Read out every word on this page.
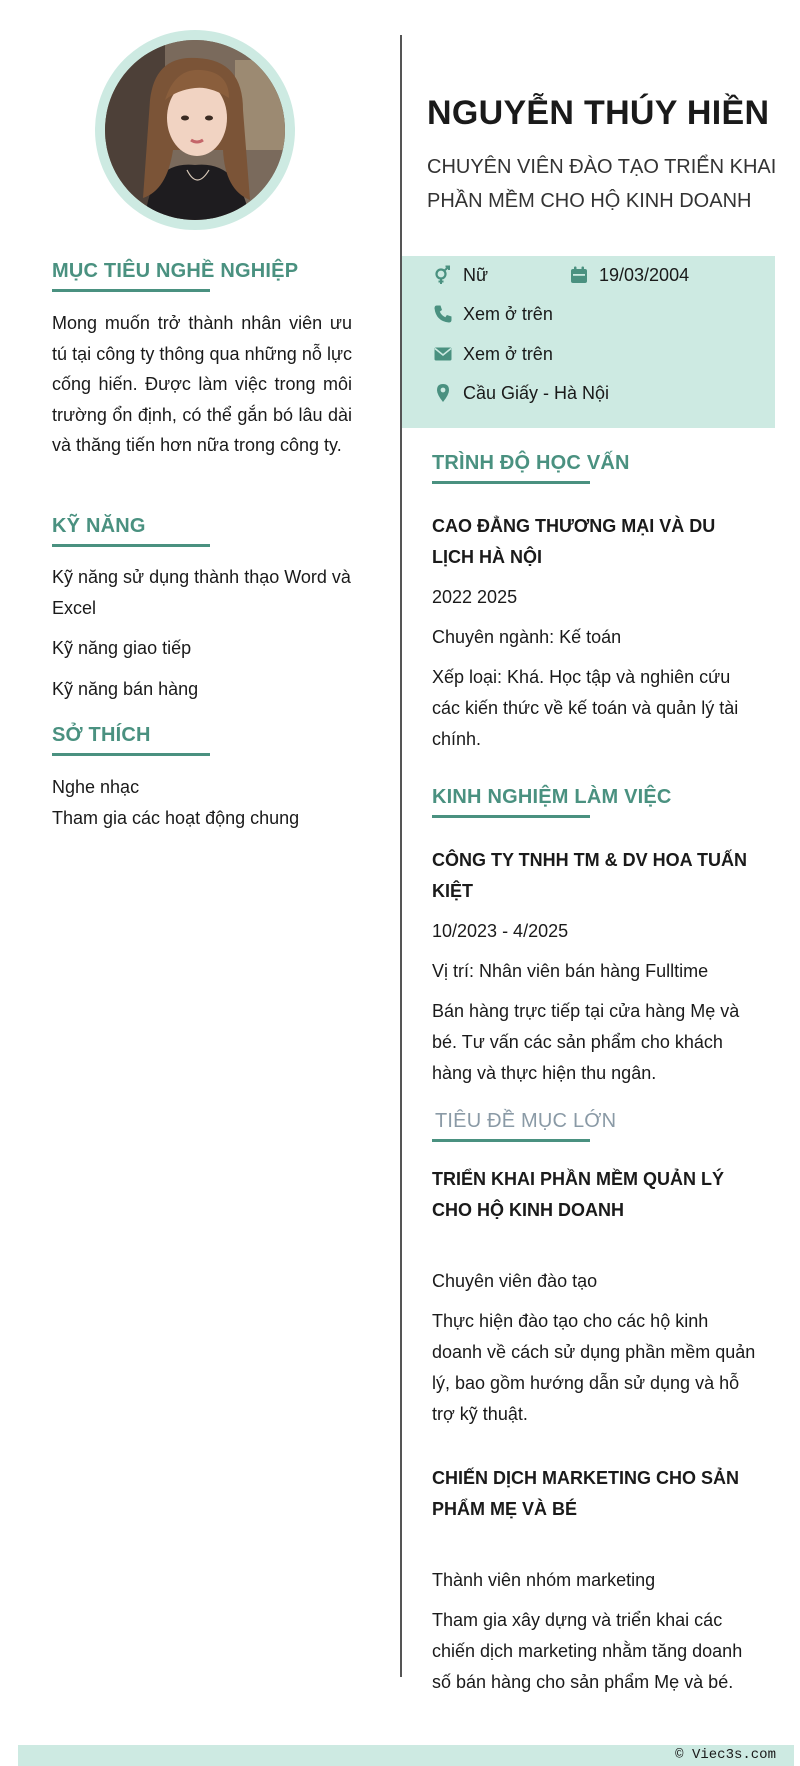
MỤC TIÊU NGHỀ NGHIỆP
Mong muốn trở thành nhân viên ưu tú tại công ty thông qua những nỗ lực cống hiến. Được làm việc trong môi trường ổn định, có thể gắn bó lâu dài và thăng tiến hơn nữa trong công ty.
KỸ NĂNG
Kỹ năng sử dụng thành thạo Word và Excel
Kỹ năng giao tiếp
Kỹ năng bán hàng
SỞ THÍCH
Nghe nhạc
Tham gia các hoạt động chung
NGUYỄN THÚY HIỀN
CHUYÊN VIÊN ĐÀO TẠO TRIỂN KHAI PHẦN MỀM CHO HỘ KINH DOANH
Nữ	19/03/2004
Xem ở trên
Xem ở trên
Cầu Giấy - Hà Nội
TRÌNH ĐỘ HỌC VẤN

CAO ĐẲNG THƯƠNG MẠI VÀ DU LỊCH HÀ NỘI

2022 2025

Chuyên ngành: Kế toán

Xếp loại: Khá. Học tập và nghiên cứu các kiến thức về kế toán và quản lý tài chính.

KINH NGHIỆM LÀM VIỆC

CÔNG TY TNHH TM & DV HOA TUẤN KIỆT

10/2023 - 4/2025

Vị trí: Nhân viên bán hàng Fulltime

Bán hàng trực tiếp tại cửa hàng Mẹ và bé. Tư vấn các sản phẩm cho khách hàng và thực hiện thu ngân.

TIÊU ĐỀ MỤC LỚN

TRIỂN KHAI PHẦN MỀM QUẢN LÝ CHO HỘ KINH DOANH

Chuyên viên đào tạo

Thực hiện đào tạo cho các hộ kinh doanh về cách sử dụng phần mềm quản lý, bao gồm hướng dẫn sử dụng và hỗ trợ kỹ thuật.

CHIẾN DỊCH MARKETING CHO SẢN PHẨM MẸ VÀ BÉ

Thành viên nhóm marketing

Tham gia xây dựng và triển khai các chiến dịch marketing nhằm tăng doanh số bán hàng cho sản phẩm Mẹ và bé.

© Viec3s.com
